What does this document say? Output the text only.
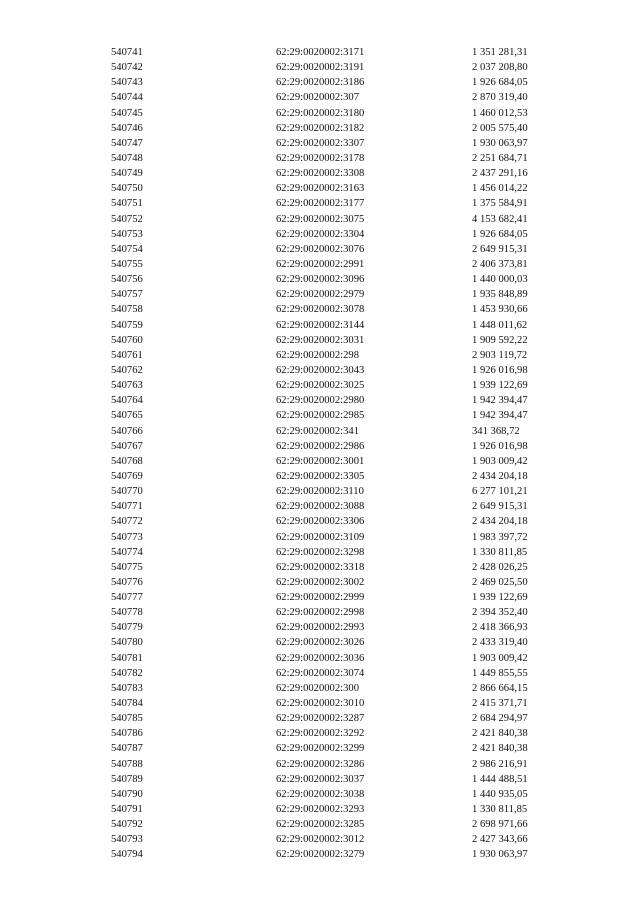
540741	62:29:0020002:3171	1 351 281,31
540742	62:29:0020002:3191	2 037 208,80
540743	62:29:0020002:3186	1 926 684,05
540744	62:29:0020002:307	2 870 319,40
540745	62:29:0020002:3180	1 460 012,53
540746	62:29:0020002:3182	2 005 575,40
540747	62:29:0020002:3307	1 930 063,97
540748	62:29:0020002:3178	2 251 684,71
540749	62:29:0020002:3308	2 437 291,16
540750	62:29:0020002:3163	1 456 014,22
540751	62:29:0020002:3177	1 375 584,91
540752	62:29:0020002:3075	4 153 682,41
540753	62:29:0020002:3304	1 926 684,05
540754	62:29:0020002:3076	2 649 915,31
540755	62:29:0020002:2991	2 406 373,81
540756	62:29:0020002:3096	1 440 000,03
540757	62:29:0020002:2979	1 935 848,89
540758	62:29:0020002:3078	1 453 930,66
540759	62:29:0020002:3144	1 448 011,62
540760	62:29:0020002:3031	1 909 592,22
540761	62:29:0020002:298	2 903 119,72
540762	62:29:0020002:3043	1 926 016,98
540763	62:29:0020002:3025	1 939 122,69
540764	62:29:0020002:2980	1 942 394,47
540765	62:29:0020002:2985	1 942 394,47
540766	62:29:0020002:341	341 368,72
540767	62:29:0020002:2986	1 926 016,98
540768	62:29:0020002:3001	1 903 009,42
540769	62:29:0020002:3305	2 434 204,18
540770	62:29:0020002:3110	6 277 101,21
540771	62:29:0020002:3088	2 649 915,31
540772	62:29:0020002:3306	2 434 204,18
540773	62:29:0020002:3109	1 983 397,72
540774	62:29:0020002:3298	1 330 811,85
540775	62:29:0020002:3318	2 428 026,25
540776	62:29:0020002:3002	2 469 025,50
540777	62:29:0020002:2999	1 939 122,69
540778	62:29:0020002:2998	2 394 352,40
540779	62:29:0020002:2993	2 418 366,93
540780	62:29:0020002:3026	2 433 319,40
540781	62:29:0020002:3036	1 903 009,42
540782	62:29:0020002:3074	1 449 855,55
540783	62:29:0020002:300	2 866 664,15
540784	62:29:0020002:3010	2 415 371,71
540785	62:29:0020002:3287	2 684 294,97
540786	62:29:0020002:3292	2 421 840,38
540787	62:29:0020002:3299	2 421 840,38
540788	62:29:0020002:3286	2 986 216,91
540789	62:29:0020002:3037	1 444 488,51
540790	62:29:0020002:3038	1 440 935,05
540791	62:29:0020002:3293	1 330 811,85
540792	62:29:0020002:3285	2 698 971,66
540793	62:29:0020002:3012	2 427 343,66
540794	62:29:0020002:3279	1 930 063,97
